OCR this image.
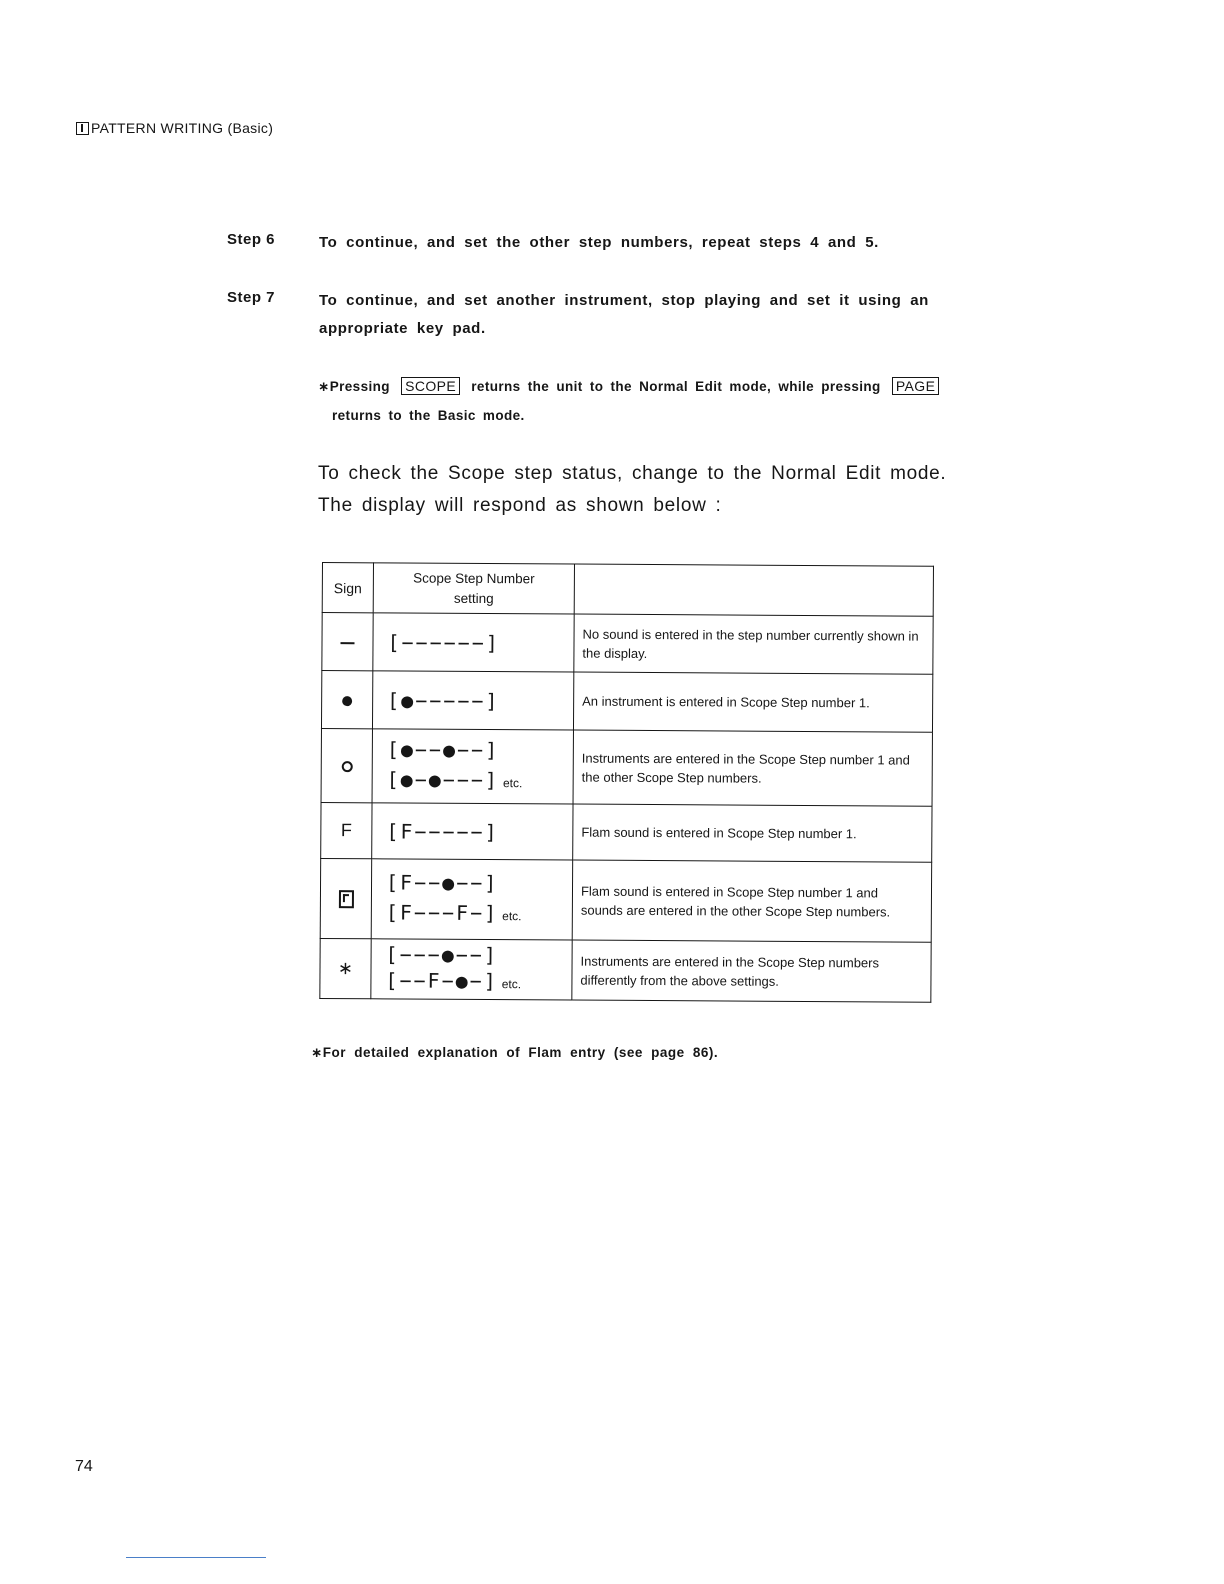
PATTERN WRITING (Basic)
Step 6	To continue, and set the other step numbers, repeat steps 4 and 5.
Step 7	To continue, and set another instrument, stop playing and set it using an appropriate key pad.
∗Pressing SCOPE returns the unit to the Normal Edit mode, while pressing PAGE
returns to the Basic mode.
To check the Scope step status, change to the Normal Edit mode.
The display will respond as shown below :
Sign	Scope Step Number
setting	

	[−−−−−−]	No sound is entered in the step number currently shown in the display.

	[●−−−−−]	An instrument is entered in Scope Step number 1.

	[●−−●−−]
[●−●−−−] etc.	Instruments are entered in the Scope Step number 1 and the other Scope Step numbers.
F	[F−−−−−]	Flam sound is entered in Scope Step number 1.

	[F−−●−−]
[F−−−F−] etc.	Flam sound is entered in Scope Step number 1 and sounds are entered in the other Scope Step numbers.
∗	[−−−●−−]
[−−F−●−] etc.	Instruments are entered in the Scope Step numbers differently from the above settings.
∗For detailed explanation of Flam entry (see page 86).
74
